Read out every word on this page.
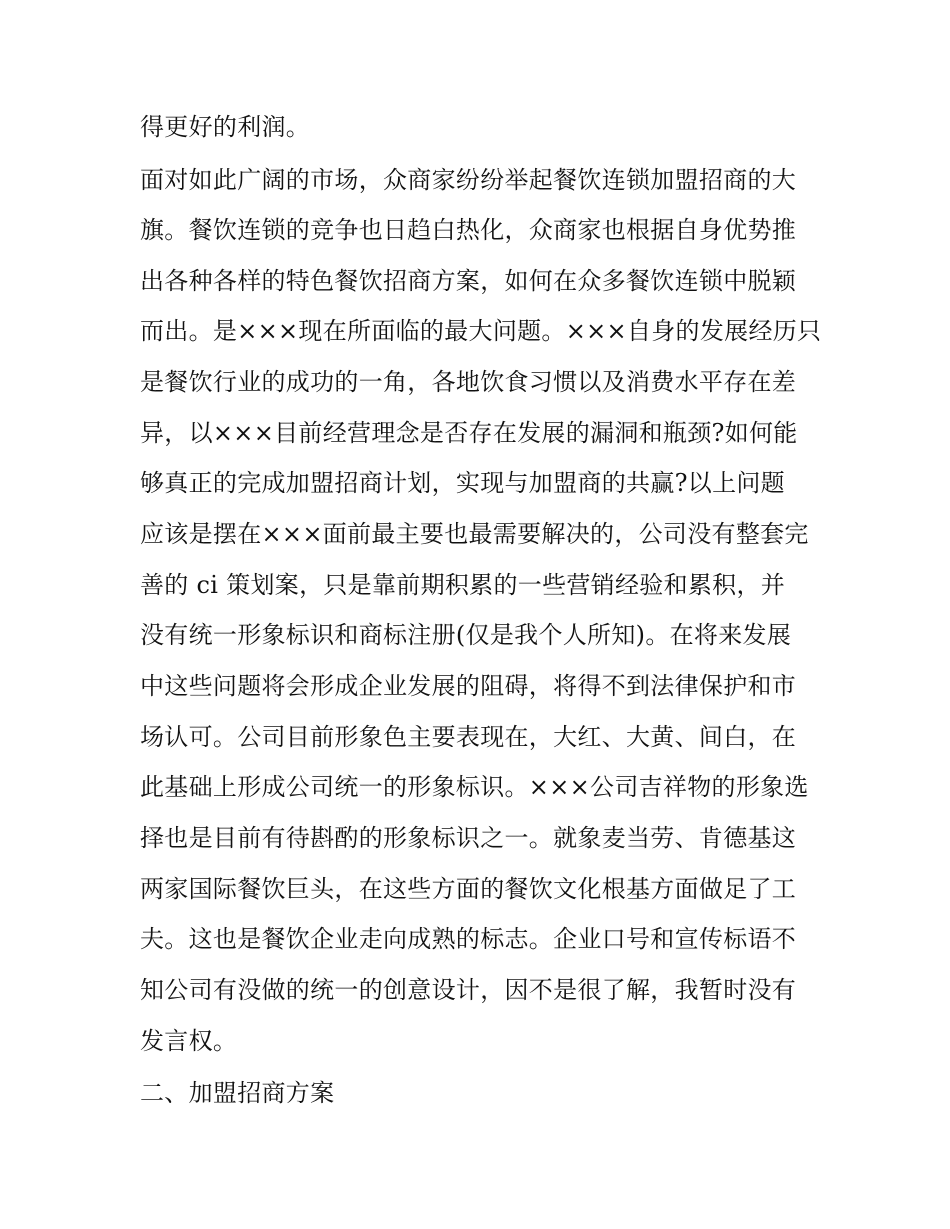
得更好的利润。
面对如此广阔的市场，众商家纷纷举起餐饮连锁加盟招商的大
旗。餐饮连锁的竞争也日趋白热化，众商家也根据自身优势推
出各种各样的特色餐饮招商方案，如何在众多餐饮连锁中脱颖
而出。是×××现在所面临的最大问题。×××自身的发展经历只
是餐饮行业的成功的一角，各地饮食习惯以及消费水平存在差
异，以×××目前经营理念是否存在发展的漏洞和瓶颈?如何能
够真正的完成加盟招商计划，实现与加盟商的共赢?以上问题
应该是摆在×××面前最主要也最需要解决的，公司没有整套完
善的 ci 策划案，只是靠前期积累的一些营销经验和累积，并
没有统一形象标识和商标注册(仅是我个人所知)。在将来发展
中这些问题将会形成企业发展的阻碍，将得不到法律保护和市
场认可。公司目前形象色主要表现在，大红、大黄、间白，在
此基础上形成公司统一的形象标识。×××公司吉祥物的形象选
择也是目前有待斟酌的形象标识之一。就象麦当劳、肯德基这
两家国际餐饮巨头，在这些方面的餐饮文化根基方面做足了工
夫。这也是餐饮企业走向成熟的标志。企业口号和宣传标语不
知公司有没做的统一的创意设计，因不是很了解，我暂时没有
发言权。
二、加盟招商方案
